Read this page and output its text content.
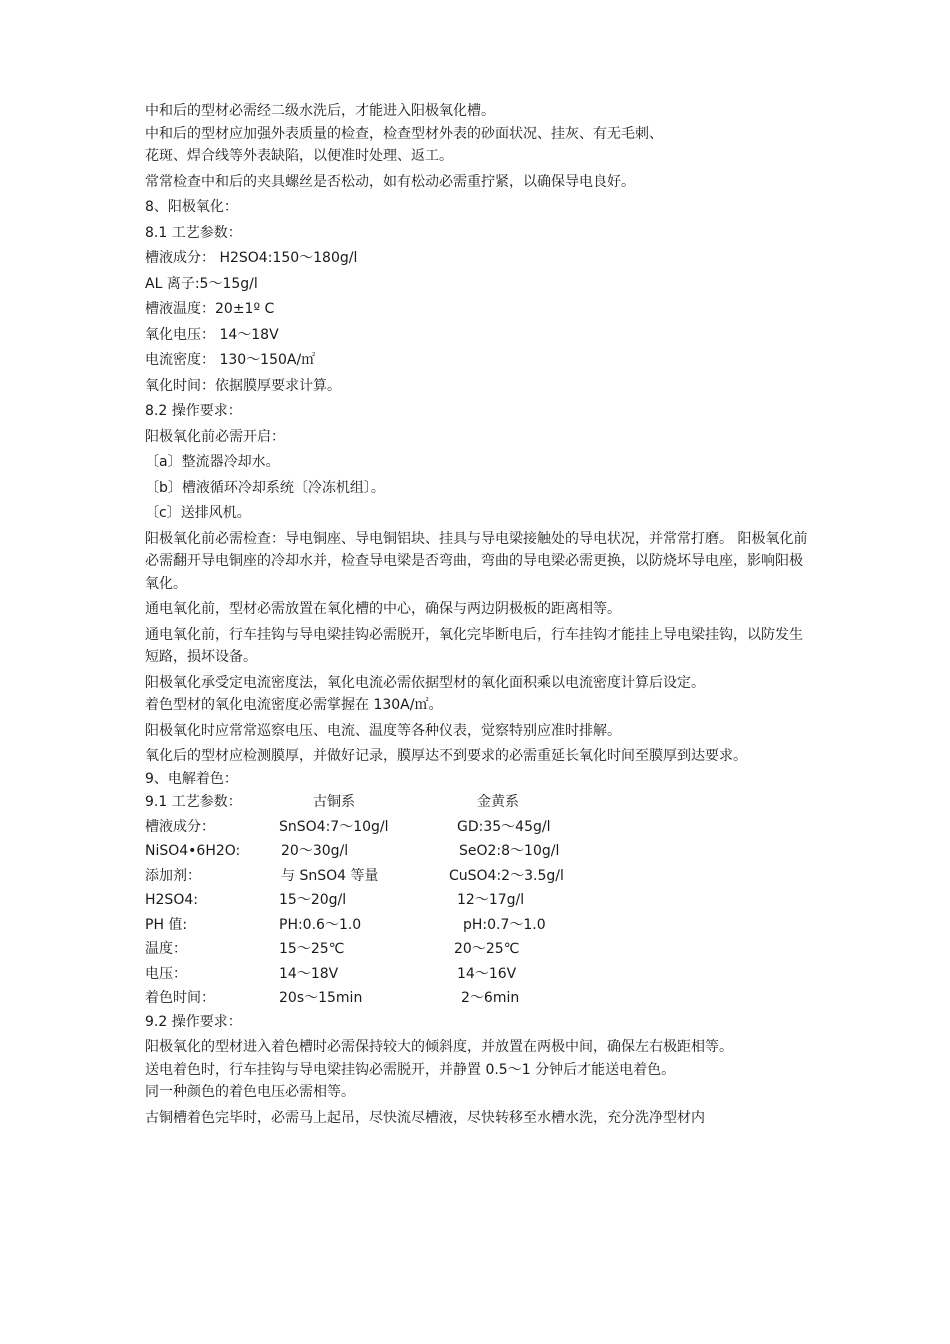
中和后的型材必需经二级水洗后，才能进入阳极氧化槽。

中和后的型材应加强外表质量的检查，检查型材外表的砂面状况、挂灰、有无毛刺、

花斑、焊合线等外表缺陷，以便准时处理、返工。

常常检查中和后的夹具螺丝是否松动，如有松动必需重拧紧，以确保导电良好。

8、阳极氧化：

8.1 工艺参数：

槽液成分： H2SO4:150～180g/l

AL 离子:5～15g/l

槽液温度：20±1º C

氧化电压： 14～18V

电流密度： 130～150A/㎡

氧化时间：依据膜厚要求计算。

8.2 操作要求：

阳极氧化前必需开启：

〔a〕整流器冷却水。

〔b〕槽液循环冷却系统〔冷冻机组〕。

〔c〕送排风机。

阳极氧化前必需检查：导电铜座、导电铜铝块、挂具与导电梁接触处的导电状况，并常常打磨。 阳极氧化前必需翻开导电铜座的冷却水并，检查导电梁是否弯曲，弯曲的导电梁必需更换，以防烧坏导电座，影响阳极氧化。

通电氧化前，型材必需放置在氧化槽的中心，确保与两边阴极板的距离相等。

通电氧化前，行车挂钩与导电梁挂钩必需脱开，氧化完毕断电后，行车挂钩才能挂上导电梁挂钩，以防发生短路，损坏设备。

阳极氧化承受定电流密度法，氧化电流必需依据型材的氧化面积乘以电流密度计算后设定。

着色型材的氧化电流密度必需掌握在 130A/㎡。

阳极氧化时应常常巡察电压、电流、温度等各种仪表，觉察特别应准时排解。

氧化后的型材应检测膜厚，并做好记录，膜厚达不到要求的必需重延长氧化时间至膜厚到达要求。

9、电解着色：

9.1 工艺参数：	古铜系	金黄系
槽液成分：	SnSO4:7～10g/l	GD:35～45g/l
NiSO4•6H2O:	20～30g/l	SeO2:8～10g/l
添加剂：	与 SnSO4 等量	CuSO4:2～3.5g/l
H2SO4:	15～20g/l	12～17g/l
PH 值:	PH:0.6～1.0	pH:0.7～1.0
温度：	15～25℃	20～25℃
电压：	14～18V	14～16V
着色时间：	20s～15min	2～6min

9.2 操作要求：

阳极氧化的型材进入着色槽时必需保持较大的倾斜度，并放置在两极中间，确保左右极距相等。

送电着色时，行车挂钩与导电梁挂钩必需脱开，并静置 0.5～1 分钟后才能送电着色。

同一种颜色的着色电压必需相等。

古铜槽着色完毕时，必需马上起吊，尽快流尽槽液，尽快转移至水槽水洗，充分洗净型材内
